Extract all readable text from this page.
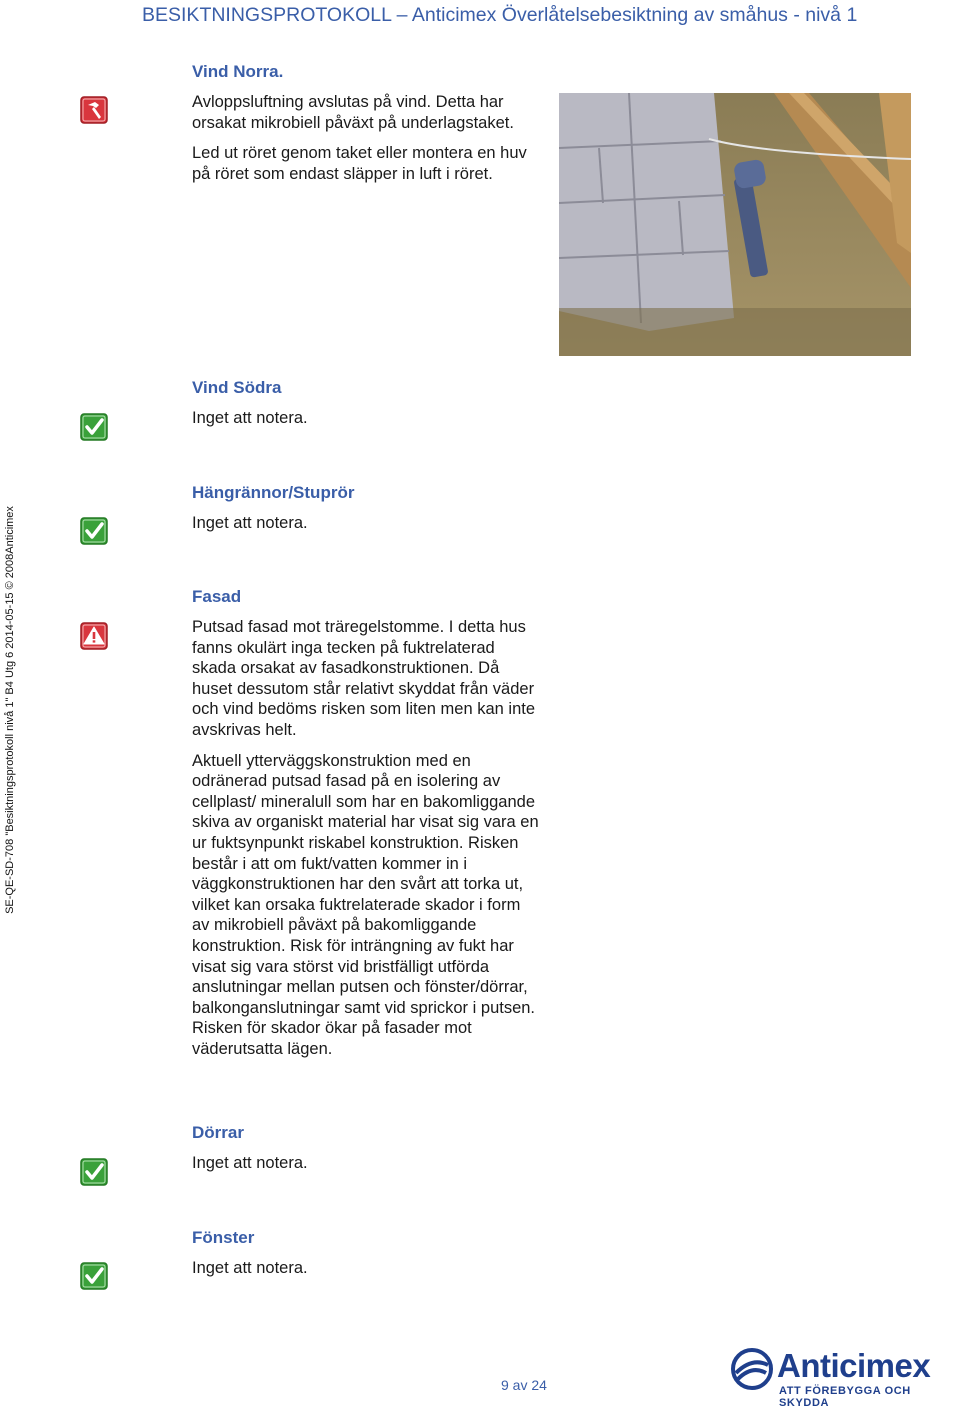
BESIKTNINGSPROTOKOLL – Anticimex Överlåtelsebesiktning av småhus - nivå 1
SE-QE-SD-708 "Besiktningsprotokoll nivå 1" B4 Utg 6 2014-05-15 © 2008Anticimex
Vind Norra.

Avloppsluftning avslutas på vind. Detta har orsakat mikrobiell påväxt på underlagstaket.

Led ut röret genom taket eller montera en huv på röret som endast släpper in luft i röret.

Vind Södra

Inget att notera.

Hängrännor/Stuprör

Inget att notera.

Fasad

Putsad fasad mot träregelstomme. I detta hus fanns okulärt inga tecken på fuktrelaterad skada orsakat av fasadkonstruktionen. Då huset dessutom står relativt skyddat från väder och vind bedöms risken som liten men kan inte avskrivas helt.

Aktuell ytterväggskonstruktion med en odränerad putsad fasad på en isolering av cellplast/ mineralull som har en bakomliggande skiva av organiskt material har visat sig vara en ur fuktsynpunkt riskabel konstruktion. Risken består i att om fukt/vatten kommer in i väggkonstruktionen har den svårt att torka ut, vilket kan orsaka fuktrelaterade skador i form av mikrobiell påväxt på bakomliggande konstruktion. Risk för inträngning av fukt har visat sig vara störst vid bristfälligt utförda anslutningar mellan putsen och fönster/dörrar, balkonganslutningar samt vid sprickor i putsen. Risken för skador ökar på fasader mot väderutsatta lägen.

Dörrar

Inget att notera.

Fönster

Inget att notera.

9 av 24
Anticimex
ATT FÖREBYGGA OCH SKYDDA
